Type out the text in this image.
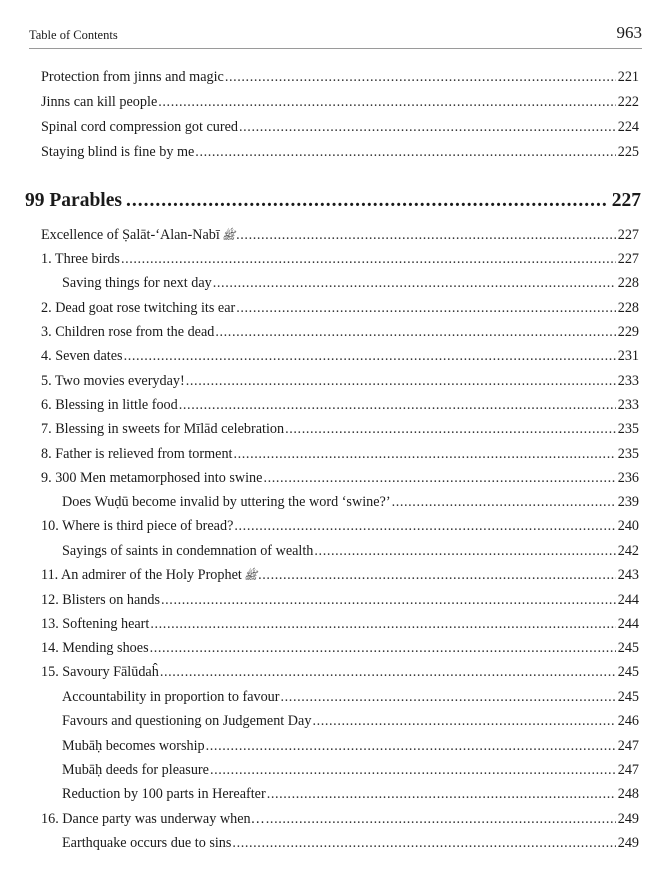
Table of Contents	963
Protection from jinns and magic .....	221
Jinns can kill people .....	222
Spinal cord compression got cured .....	224
Staying blind is fine by me .....	225
99 Parables .....	227
Excellence of Ṣalāt-‘Alan-Nabī ﷺ .....	227
1. Three birds .....	227
Saving things for next day .....	228
2. Dead goat rose twitching its ear .....	228
3. Children rose from the dead .....	229
4. Seven dates .....	231
5. Two movies everyday! .....	233
6. Blessing in little food .....	233
7. Blessing in sweets for Mīlād celebration .....	235
8. Father is relieved from torment .....	235
9. 300 Men metamorphosed into swine .....	236
Does Wuḍū become invalid by uttering the word ‘swine?’ .....	239
10. Where is third piece of bread? .....	240
Sayings of saints in condemnation of wealth .....	242
11. An admirer of the Holy Prophet ﷺ .....	243
12. Blisters on hands .....	244
13. Softening heart .....	244
14. Mending shoes .....	245
15. Savoury Fālūdaĥ .....	245
Accountability in proportion to favour .....	245
Favours and questioning on Judgement Day .....	246
Mubāḥ becomes worship .....	247
Mubāḥ deeds for pleasure .....	247
Reduction by 100 parts in Hereafter .....	248
16. Dance party was underway when… .....	249
Earthquake occurs due to sins .....	249
